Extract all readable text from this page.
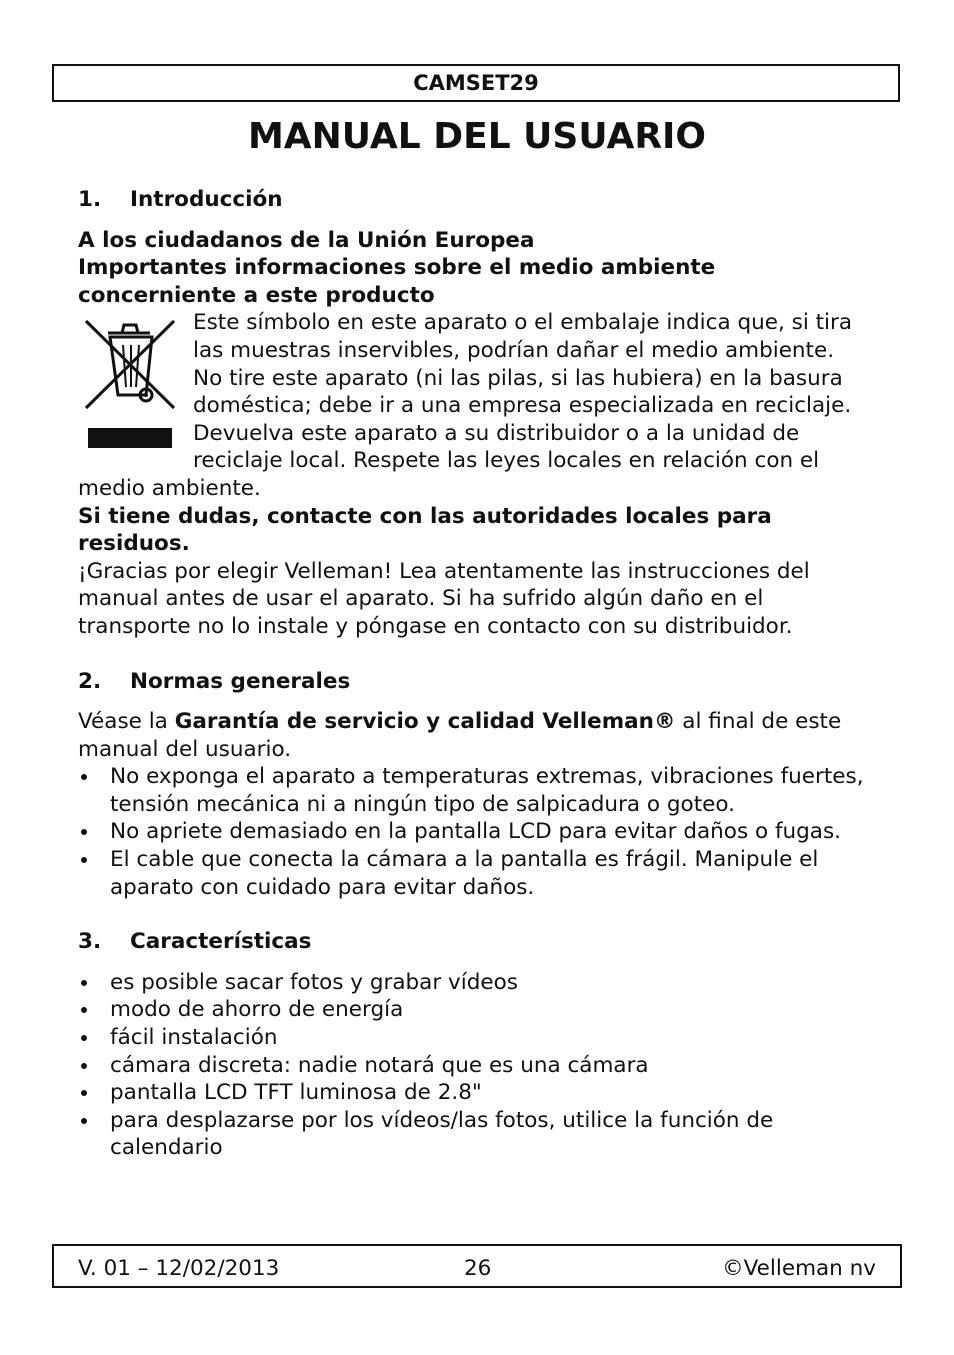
CAMSET29
MANUAL DEL USUARIO
1.	Introducción

A los ciudadanos de la Unión Europea

Importantes informaciones sobre el medio ambiente concerniente a este producto

Este símbolo en este aparato o el embalaje indica que, si tira las muestras inservibles, podrían dañar el medio ambiente.

No tire este aparato (ni las pilas, si las hubiera) en la basura doméstica; debe ir a una empresa especializada en reciclaje. Devuelva este aparato a su distribuidor o a la unidad de reciclaje local. Respete las leyes locales en relación con el medio ambiente.

Si tiene dudas, contacte con las autoridades locales para residuos.

¡Gracias por elegir Velleman! Lea atentamente las instrucciones del manual antes de usar el aparato. Si ha sufrido algún daño en el transporte no lo instale y póngase en contacto con su distribuidor.

2.	Normas generales

Véase la Garantía de servicio y calidad Velleman® al final de este manual del usuario.

No exponga el aparato a temperaturas extremas, vibraciones fuertes, tensión mecánica ni a ningún tipo de salpicadura o goteo.
No apriete demasiado en la pantalla LCD para evitar daños o fugas.
El cable que conecta la cámara a la pantalla es frágil. Manipule el aparato con cuidado para evitar daños.
3.	Características
es posible sacar fotos y grabar vídeos
modo de ahorro de energía
fácil instalación
cámara discreta: nadie notará que es una cámara
pantalla LCD TFT luminosa de 2.8"
para desplazarse por los vídeos/las fotos, utilice la función de calendario
V. 01 – 12/02/2013	26	©Velleman nv
